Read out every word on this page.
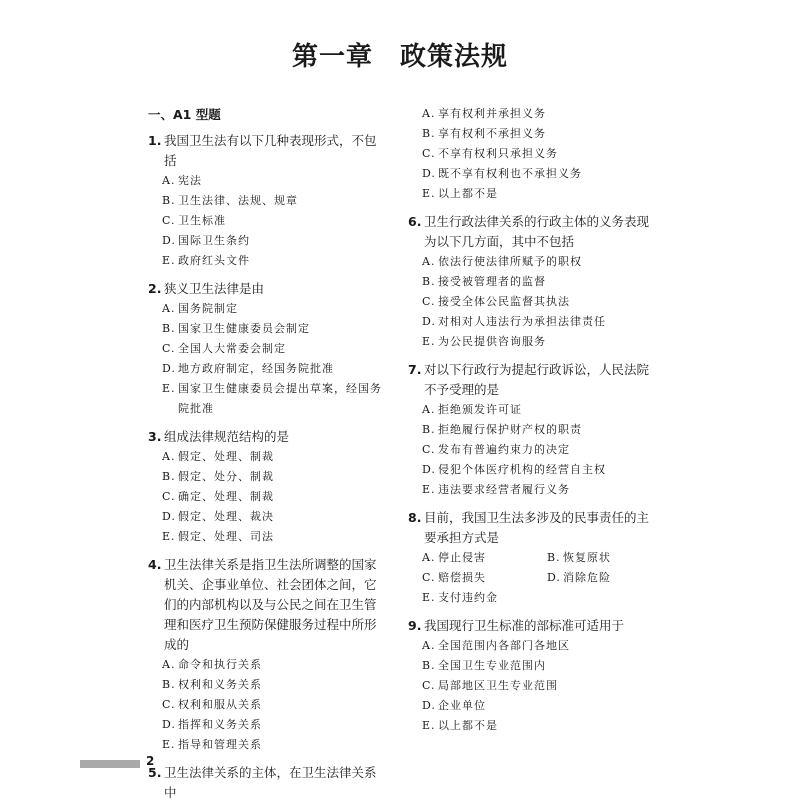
第一章　政策法规
一、A1 型题
1. 我国卫生法有以下几种表现形式，不包括
A. 宪法
B. 卫生法律、法规、规章
C. 卫生标准
D. 国际卫生条约
E. 政府红头文件
2. 狭义卫生法律是由
A. 国务院制定
B. 国家卫生健康委员会制定
C. 全国人大常委会制定
D. 地方政府制定，经国务院批准
E. 国家卫生健康委员会提出草案，经国务院批准
3. 组成法律规范结构的是
A. 假定、处理、制裁
B. 假定、处分、制裁
C. 确定、处理、制裁
D. 假定、处理、裁决
E. 假定、处理、司法
4. 卫生法律关系是指卫生法所调整的国家机关、企事业单位、社会团体之间，它们的内部机构以及与公民之间在卫生管理和医疗卫生预防保健服务过程中所形成的
A. 命令和执行关系
B. 权利和义务关系
C. 权利和服从关系
D. 指挥和义务关系
E. 指导和管理关系
5. 卫生法律关系的主体，在卫生法律关系中
A. 享有权利并承担义务
B. 享有权利不承担义务
C. 不享有权利只承担义务
D. 既不享有权利也不承担义务
E. 以上都不是
6. 卫生行政法律关系的行政主体的义务表现为以下几方面，其中不包括
A. 依法行使法律所赋予的职权
B. 接受被管理者的监督
C. 接受全体公民监督其执法
D. 对相对人违法行为承担法律责任
E. 为公民提供咨询服务
7. 对以下行政行为提起行政诉讼，人民法院不予受理的是
A. 拒绝颁发许可证
B. 拒绝履行保护财产权的职责
C. 发布有普遍约束力的决定
D. 侵犯个体医疗机构的经营自主权
E. 违法要求经营者履行义务
8. 目前，我国卫生法多涉及的民事责任的主要承担方式是
A. 停止侵害	B. 恢复原状
C. 赔偿损失	D. 消除危险
E. 支付违约金
9. 我国现行卫生标准的部标准可适用于
A. 全国范围内各部门各地区
B. 全国卫生专业范围内
C. 局部地区卫生专业范围
D. 企业单位
E. 以上都不是
2
